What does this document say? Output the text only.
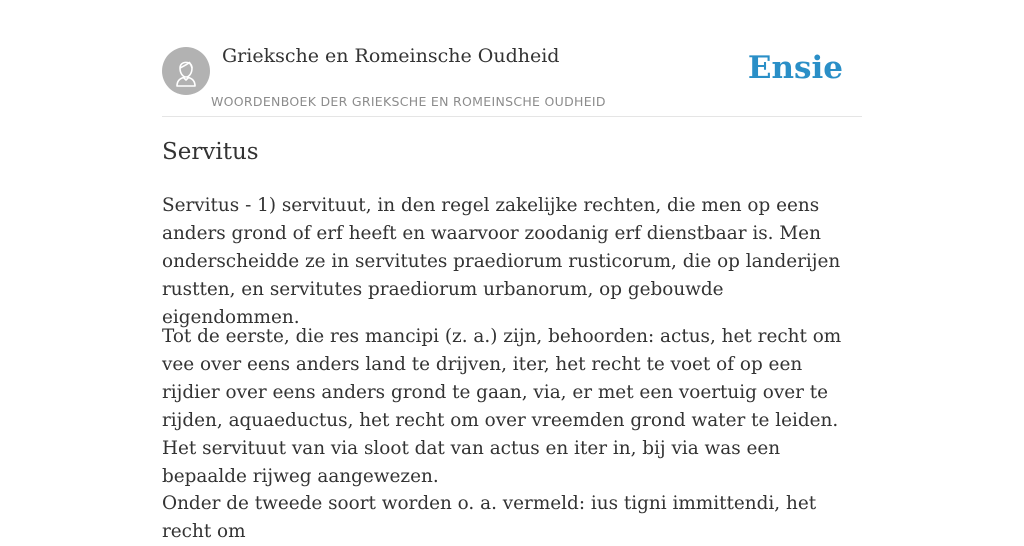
Grieksche en Romeinsche Oudheid
WOORDENBOEK DER GRIEKSCHE EN ROMEINSCHE OUDHEID
Ensie
Servitus

Servitus - 1) servituut, in den regel zakelijke rechten, die men op eens anders grond of erf heeft en waarvoor zoodanig erf dienstbaar is. Men onderscheidde ze in servitutes praediorum rusticorum, die op landerijen rustten, en servitutes praediorum urbanorum, op gebouwde eigendommen.

Tot de eerste, die res mancipi (z. a.) zijn, behoorden: actus, het recht om vee over eens anders land te drijven, iter, het recht te voet of op een rijdier over eens anders grond te gaan, via, er met een voertuig over te rijden, aquaeductus, het recht om over vreemden grond water te leiden. Het servituut van via sloot dat van actus en iter in, bij via was een bepaalde rijweg aangewezen.

Onder de tweede soort worden o. a. vermeld: ius tigni immittendi, het recht om
